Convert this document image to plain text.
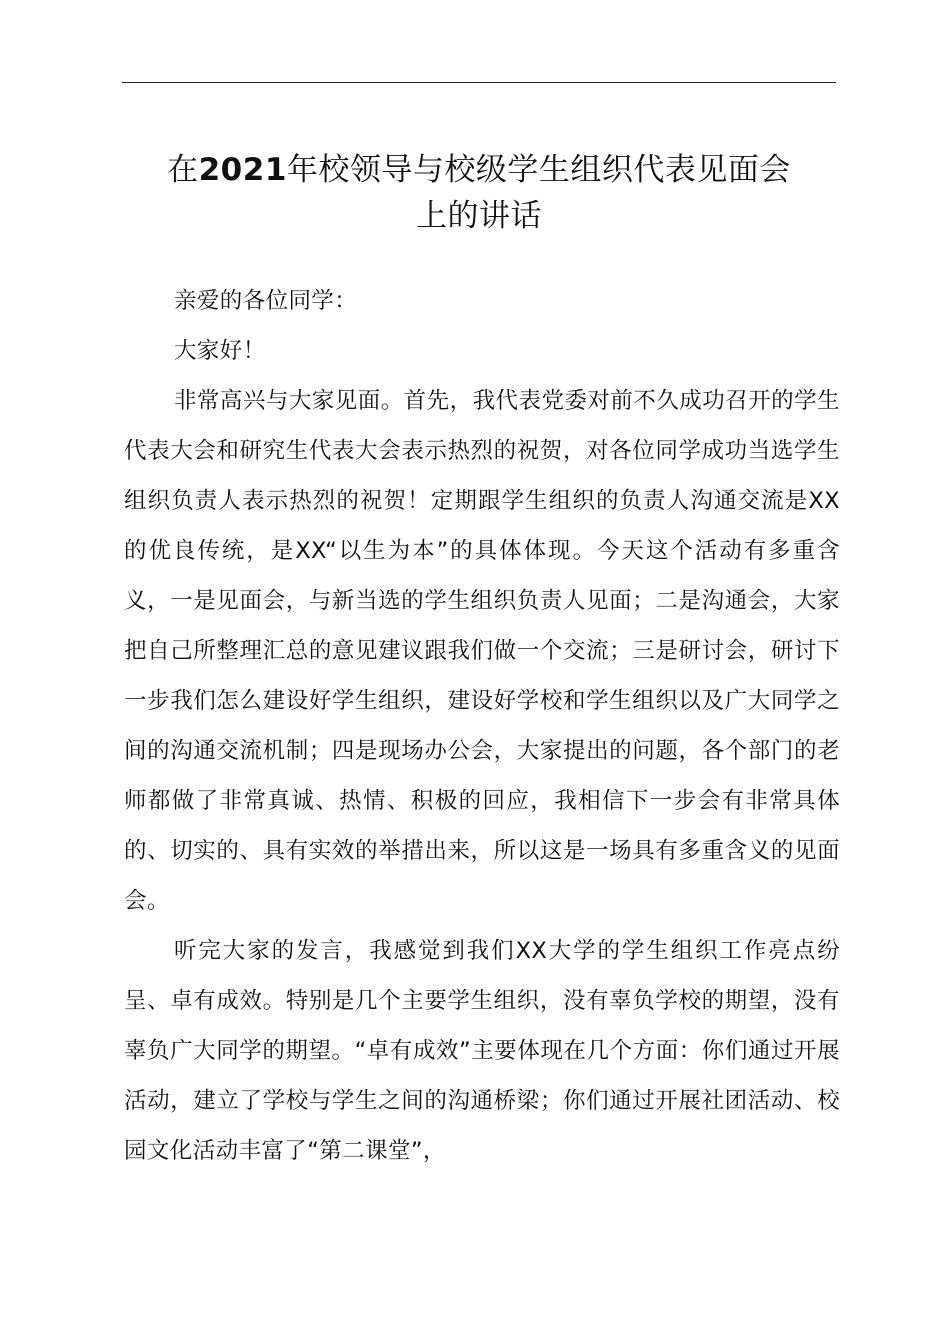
在2021年校领导与校级学生组织代表见面会
上的讲话

亲爱的各位同学：

大家好！

非常高兴与大家见面。首先，我代表党委对前不久成功召开的学生代表大会和研究生代表大会表示热烈的祝贺，对各位同学成功当选学生组织负责人表示热烈的祝贺！定期跟学生组织的负责人沟通交流是XX的优良传统，是XX“以生为本”的具体体现。今天这个活动有多重含义，一是见面会，与新当选的学生组织负责人见面；二是沟通会，大家把自己所整理汇总的意见建议跟我们做一个交流；三是研讨会，研讨下一步我们怎么建设好学生组织，建设好学校和学生组织以及广大同学之间的沟通交流机制；四是现场办公会，大家提出的问题，各个部门的老师都做了非常真诚、热情、积极的回应，我相信下一步会有非常具体的、切实的、具有实效的举措出来，所以这是一场具有多重含义的见面会。

听完大家的发言，我感觉到我们XX大学的学生组织工作亮点纷呈、卓有成效。特别是几个主要学生组织，没有辜负学校的期望，没有辜负广大同学的期望。“卓有成效”主要体现在几个方面：你们通过开展活动，建立了学校与学生之间的沟通桥梁；你们通过开展社团活动、校园文化活动丰富了“第二课堂”，
